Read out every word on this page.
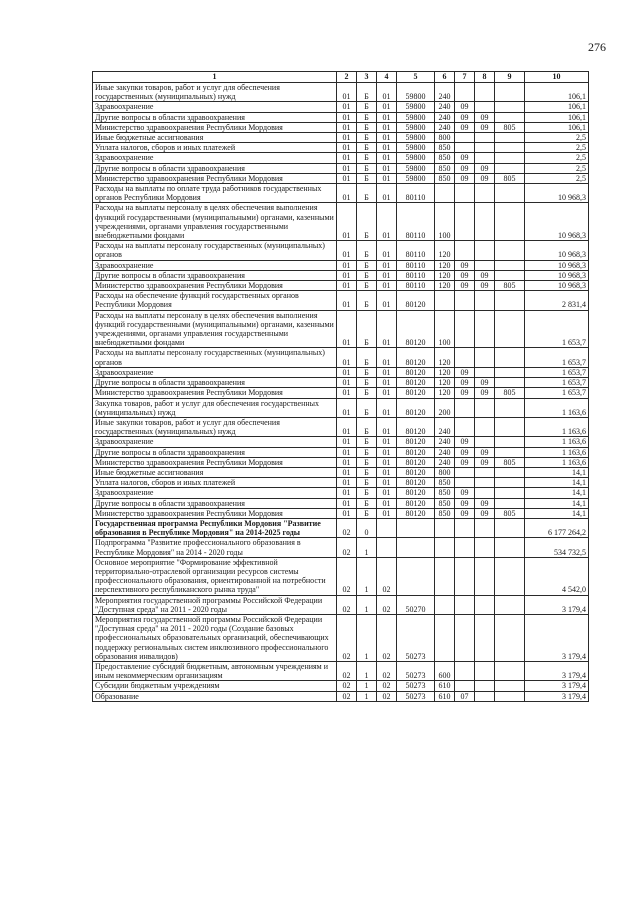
276
1	2	3	4	5	6	7	8	9	10
Иные закупки товаров, работ и услуг для обеспечения государственных (муниципальных) нужд	01	Б	01	59800	240				106,1
Здравоохранение	01	Б	01	59800	240	09			106,1
Другие вопросы в области здравоохранения	01	Б	01	59800	240	09	09		106,1
Министерство здравоохранения Республики Мордовия	01	Б	01	59800	240	09	09	805	106,1
Иные бюджетные ассигнования	01	Б	01	59800	800				2,5
Уплата налогов, сборов и иных платежей	01	Б	01	59800	850				2,5
Здравоохранение	01	Б	01	59800	850	09			2,5
Другие вопросы в области здравоохранения	01	Б	01	59800	850	09	09		2,5
Министерство здравоохранения Республики Мордовия	01	Б	01	59800	850	09	09	805	2,5
Расходы на выплаты по оплате труда работников государственных органов Республики Мордовия	01	Б	01	80110					10 968,3
Расходы на выплаты персоналу в целях обеспечения выполнения функций государственными (муниципальными) органами, казенными учреждениями, органами управления государственными внебюджетными фондами	01	Б	01	80110	100				10 968,3
Расходы на выплаты персоналу государственных (муниципальных) органов	01	Б	01	80110	120				10 968,3
Здравоохранение	01	Б	01	80110	120	09			10 968,3
Другие вопросы в области здравоохранения	01	Б	01	80110	120	09	09		10 968,3
Министерство здравоохранения Республики Мордовия	01	Б	01	80110	120	09	09	805	10 968,3
Расходы на обеспечение функций государственных органов Республики Мордовия	01	Б	01	80120					2 831,4
Расходы на выплаты персоналу в целях обеспечения выполнения функций государственными (муниципальными) органами, казенными учреждениями, органами управления государственными внебюджетными фондами	01	Б	01	80120	100				1 653,7
Расходы на выплаты персоналу государственных (муниципальных) органов	01	Б	01	80120	120				1 653,7
Здравоохранение	01	Б	01	80120	120	09			1 653,7
Другие вопросы в области здравоохранения	01	Б	01	80120	120	09	09		1 653,7
Министерство здравоохранения Республики Мордовия	01	Б	01	80120	120	09	09	805	1 653,7
Закупка товаров, работ и услуг для обеспечения государственных (муниципальных) нужд	01	Б	01	80120	200				1 163,6
Иные закупки товаров, работ и услуг для обеспечения государственных (муниципальных) нужд	01	Б	01	80120	240				1 163,6
Здравоохранение	01	Б	01	80120	240	09			1 163,6
Другие вопросы в области здравоохранения	01	Б	01	80120	240	09	09		1 163,6
Министерство здравоохранения Республики Мордовия	01	Б	01	80120	240	09	09	805	1 163,6
Иные бюджетные ассигнования	01	Б	01	80120	800				14,1
Уплата налогов, сборов и иных платежей	01	Б	01	80120	850				14,1
Здравоохранение	01	Б	01	80120	850	09			14,1
Другие вопросы в области здравоохранения	01	Б	01	80120	850	09	09		14,1
Министерство здравоохранения Республики Мордовия	01	Б	01	80120	850	09	09	805	14,1
Государственная программа Республики Мордовия "Развитие образования в Республике Мордовия" на 2014-2025 годы	02	0							6 177 264,2
Подпрограмма "Развитие профессионального образования в Республике Мордовия" на 2014 - 2020 годы	02	1							534 732,5
Основное мероприятие "Формирование эффективной территориально-отраслевой организации ресурсов системы профессионального образования, ориентированной на потребности перспективного республиканского рынка труда"	02	1	02						4 542,0
Мероприятия государственной программы Российской Федерации "Доступная среда" на 2011 - 2020 годы	02	1	02	50270					3 179,4
Мероприятия государственной программы Российской Федерации "Доступная среда" на 2011 - 2020 годы (Создание базовых профессиональных образовательных организаций, обеспечивающих поддержку региональных систем инклюзивного профессионального образования инвалидов)	02	1	02	50273					3 179,4
Предоставление субсидий бюджетным, автономным учреждениям и иным некоммерческим организациям	02	1	02	50273	600				3 179,4
Субсидии бюджетным учреждениям	02	1	02	50273	610				3 179,4
Образование	02	1	02	50273	610	07			3 179,4
